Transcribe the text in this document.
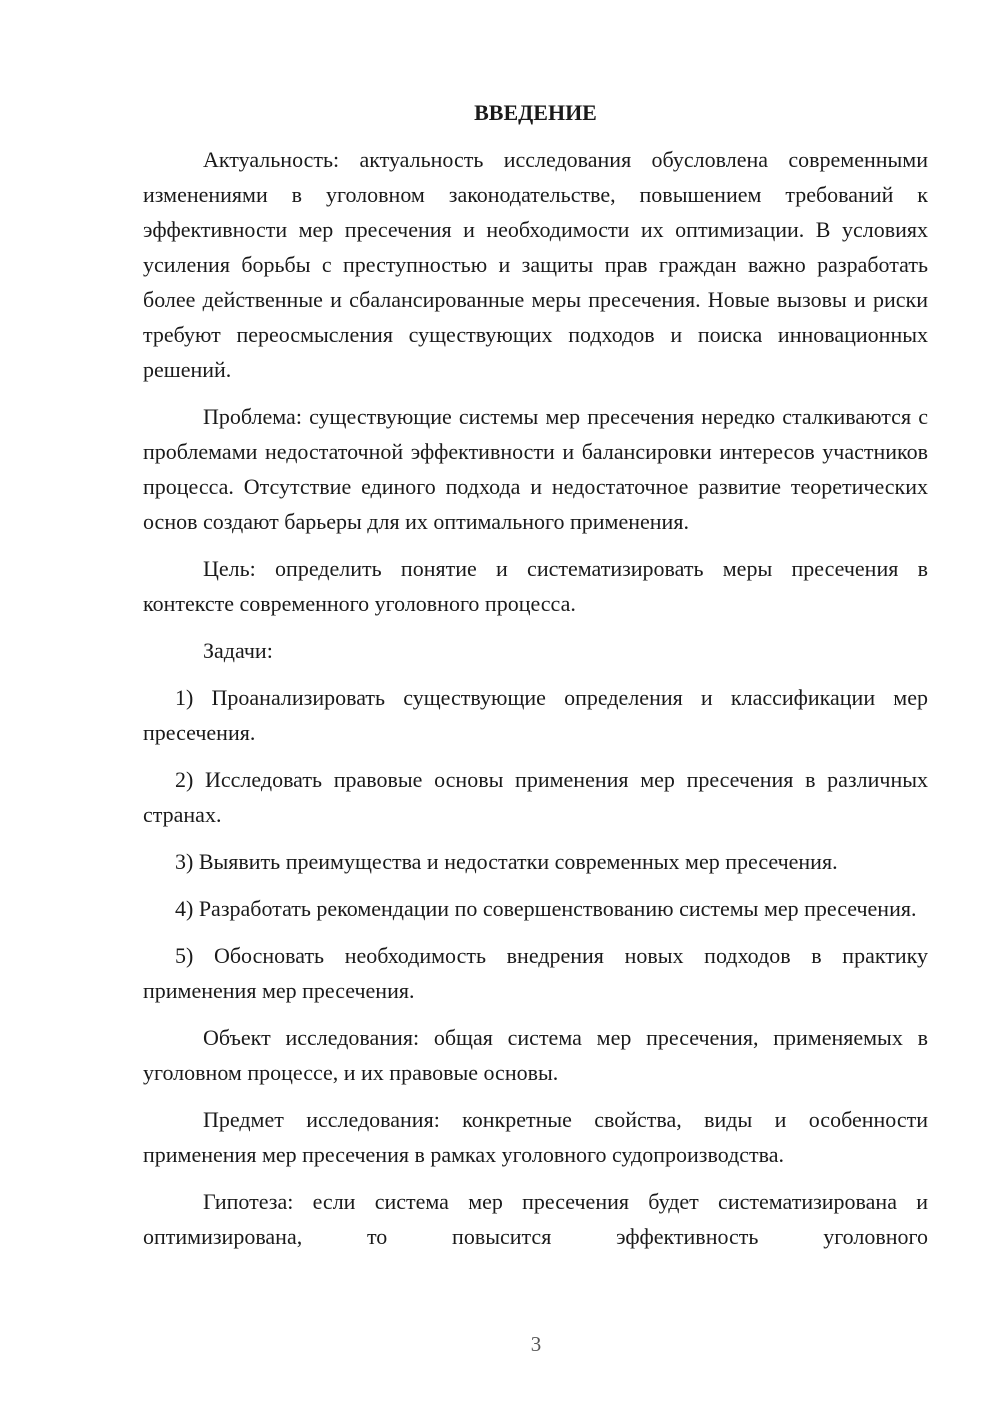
ВВЕДЕНИЕ

Актуальность: актуальность исследования обусловлена современными изменениями в уголовном законодательстве, повышением требований к эффективности мер пресечения и необходимости их оптимизации. В условиях усиления борьбы с преступностью и защиты прав граждан важно разработать более действенные и сбалансированные меры пресечения. Новые вызовы и риски требуют переосмысления существующих подходов и поиска инновационных решений.

Проблема: существующие системы мер пресечения нередко сталкиваются с проблемами недостаточной эффективности и балансировки интересов участников процесса. Отсутствие единого подхода и недостаточное развитие теоретических основ создают барьеры для их оптимального применения.

Цель: определить понятие и систематизировать меры пресечения в контексте современного уголовного процесса.

Задачи:

1) Проанализировать существующие определения и классификации мер пресечения.

2) Исследовать правовые основы применения мер пресечения в различных странах.

3) Выявить преимущества и недостатки современных мер пресечения.

4) Разработать рекомендации по совершенствованию системы мер пресечения.

5) Обосновать необходимость внедрения новых подходов в практику применения мер пресечения.

Объект исследования: общая система мер пресечения, применяемых в уголовном процессе, и их правовые основы.

Предмет исследования: конкретные свойства, виды и особенности применения мер пресечения в рамках уголовного судопроизводства.

Гипотеза: если система мер пресечения будет систематизирована и оптимизирована, то повысится эффективность уголовного

3
